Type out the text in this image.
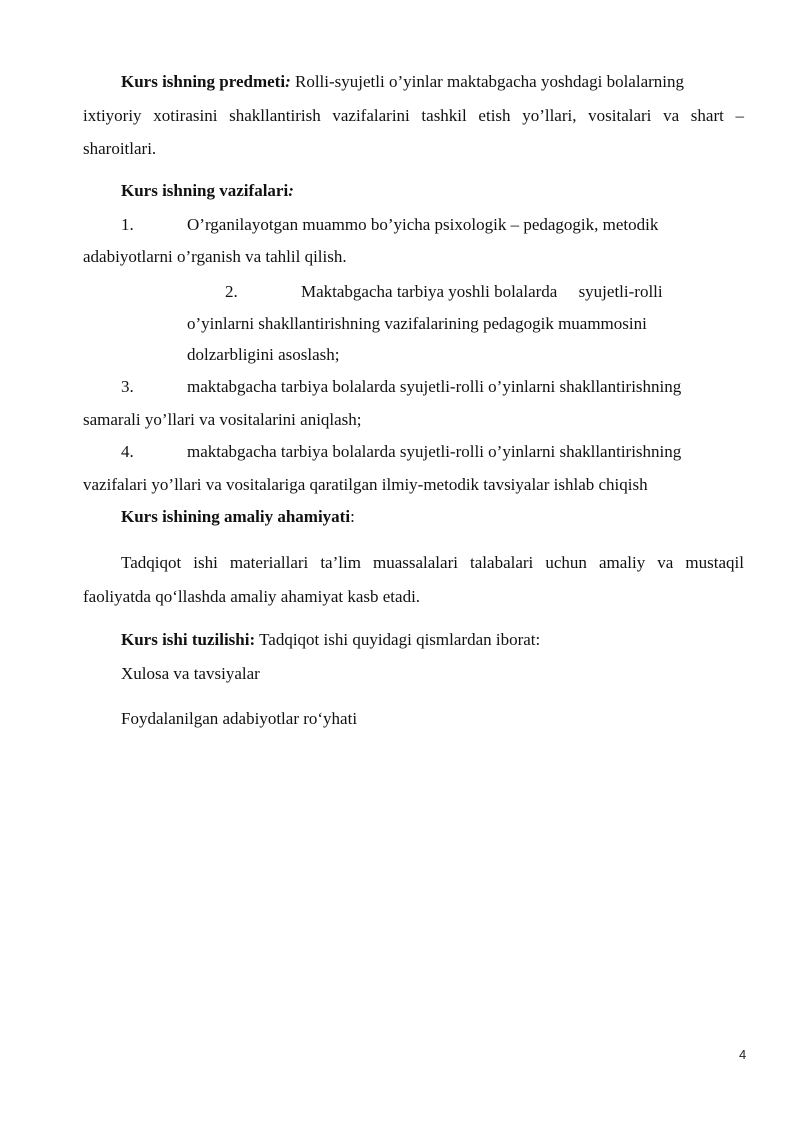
Kurs ishning predmeti: Rolli-syujetli o’yinlar maktabgacha yoshdagi bolalarning
ixtiyoriy xotirasini shakllantirish vazifalarini tashkil etish yo’llari, vositalari va shart –
sharoitlari.
Kurs ishning vazifalari:
1.	O’rganilayotgan muammo bo’yicha psixologik – pedagogik, metodik
adabiyotlarni o’rganish va tahlil qilish.
2.	Maktabgacha tarbiya yoshli bolalarda     syujetli-rolli
o’yinlarni shakllantirishning vazifalarining pedagogik muammosini
dolzarbligini asoslash;
3.	maktabgacha tarbiya bolalarda syujetli-rolli o’yinlarni shakllantirishning
samarali yo’llari va vositalarini aniqlash;
4.	maktabgacha tarbiya bolalarda syujetli-rolli o’yinlarni shakllantirishning
vazifalari yo’llari va vositalariga qaratilgan ilmiy-metodik tavsiyalar ishlab chiqish
Kurs ishining amaliy ahamiyati:
Tadqiqot ishi materiallari ta’lim muassalalari talabalari uchun amaliy va mustaqil
faoliyatda qo‘llashda amaliy ahamiyat kasb etadi.
Kurs ishi tuzilishi: Tadqiqot ishi quyidagi qismlardan iborat:
Xulosa va tavsiyalar
Foydalanilgan adabiyotlar ro‘yhati
4
